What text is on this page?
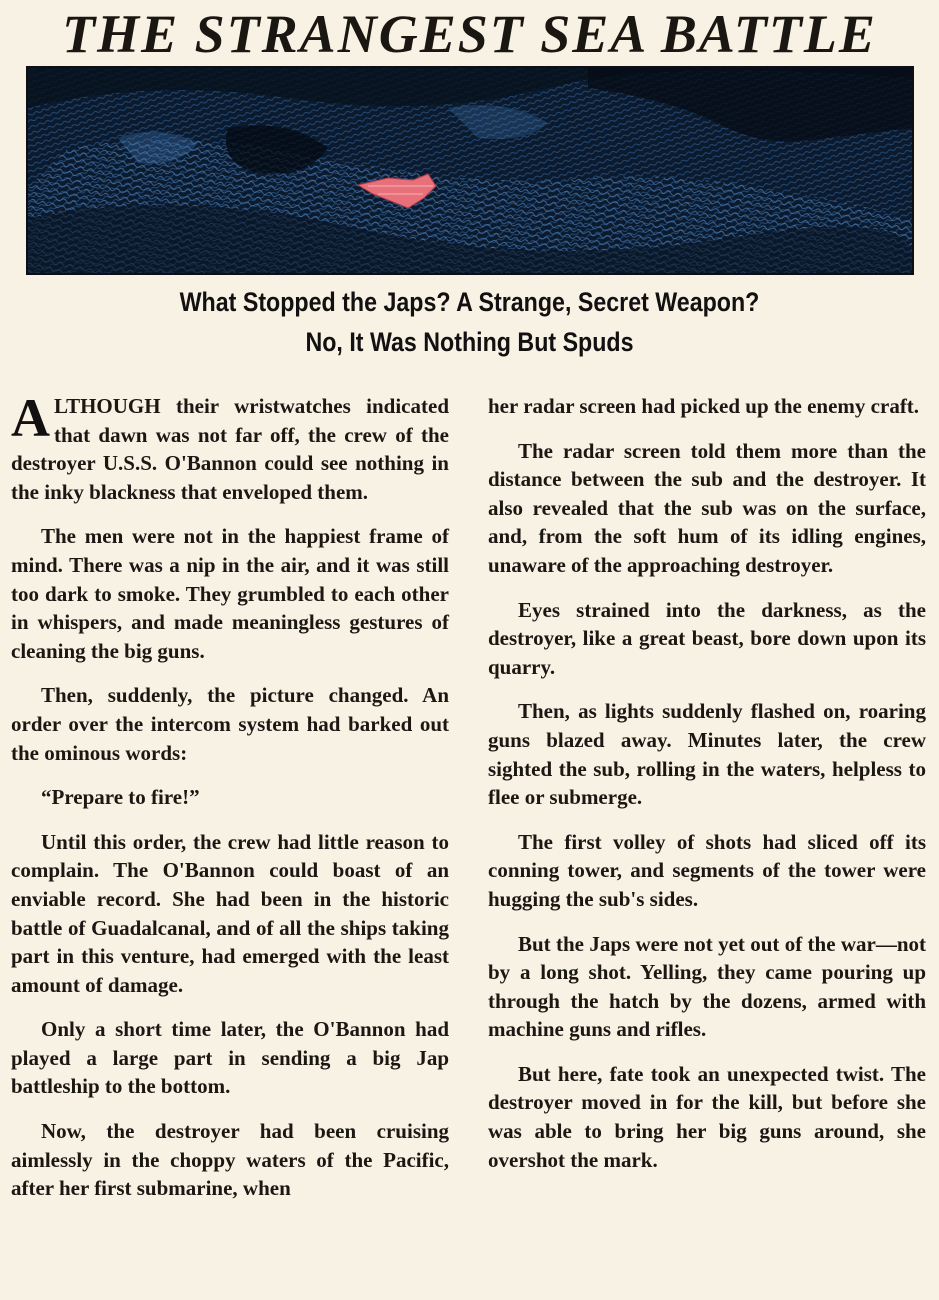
THE STRANGEST SEA BATTLE
What Stopped the Japs? A Strange, Secret Weapon?
No, It Was Nothing But Spuds

ALTHOUGH their wristwatches indicated that dawn was not far off, the crew of the destroyer U.S.S. O'Bannon could see nothing in the inky blackness that enveloped them.

The men were not in the happiest frame of mind. There was a nip in the air, and it was still too dark to smoke. They grumbled to each other in whispers, and made meaningless gestures of cleaning the big guns.

Then, suddenly, the picture changed. An order over the intercom system had barked out the ominous words:

“Prepare to fire!”

Until this order, the crew had little reason to complain. The O'Bannon could boast of an enviable record. She had been in the historic battle of Guadalcanal, and of all the ships taking part in this venture, had emerged with the least amount of damage.

Only a short time later, the O'Bannon had played a large part in sending a big Jap battleship to the bottom.

Now, the destroyer had been cruising aimlessly in the choppy waters of the Pacific, after her first submarine, when

her radar screen had picked up the enemy craft.

The radar screen told them more than the distance between the sub and the destroyer. It also revealed that the sub was on the surface, and, from the soft hum of its idling engines, unaware of the approaching destroyer.

Eyes strained into the darkness, as the destroyer, like a great beast, bore down upon its quarry.

Then, as lights suddenly flashed on, roaring guns blazed away. Minutes later, the crew sighted the sub, rolling in the waters, helpless to flee or submerge.

The first volley of shots had sliced off its conning tower, and segments of the tower were hugging the sub's sides.

But the Japs were not yet out of the war—not by a long shot. Yelling, they came pouring up through the hatch by the dozens, armed with machine guns and rifles.

But here, fate took an unexpected twist. The destroyer moved in for the kill, but before she was able to bring her big guns around, she overshot the mark.
